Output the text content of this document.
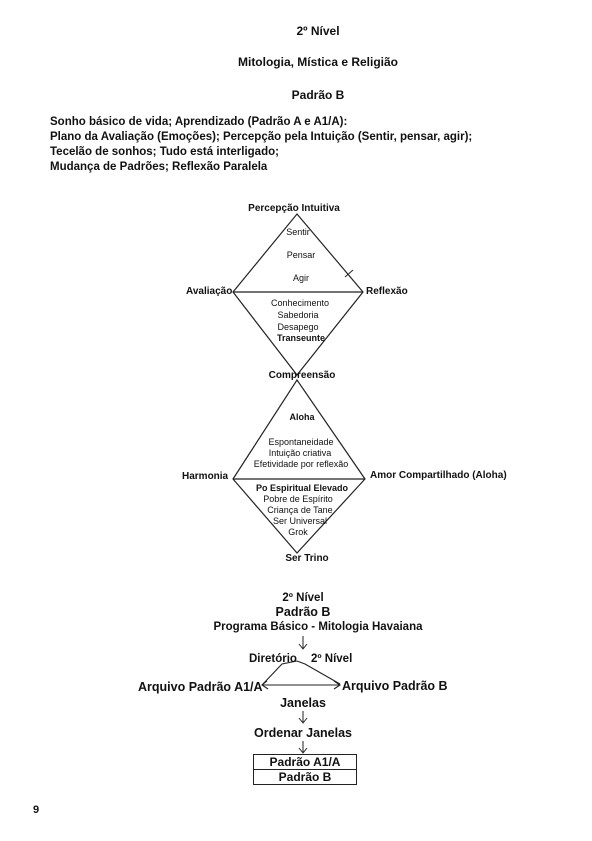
2º Nível
Mitologia, Mística e Religião
Padrão B
Sonho básico de vida; Aprendizado (Padrão A e A1/A):
Plano da Avaliação (Emoções); Percepção pela Intuição (Sentir, pensar, agir);
Tecelão de sonhos; Tudo está interligado;
Mudança de Padrões; Reflexão Paralela
Percepção Intuitiva
Avaliação	Reflexão
Compreensão
Sentir
Pensar
Agir
Conhecimento
Sabedoria
Desapego
Transeunte
Harmonia	Amor Compartilhado (Aloha)
Ser Trino
Aloha
Espontaneidade
Intuição criativa
Efetividade por reflexão
Po Espiritual Elevado
Pobre de Espírito
Criança de Tane
Ser Universal
Grok
2º Nível
Padrão B
Programa Básico - Mitologia Havaiana
Diretório 2º Nível
Arquivo Padrão A1/A	Arquivo Padrão B
Janelas
Ordenar Janelas
Padrão A1/A
Padrão B
9
